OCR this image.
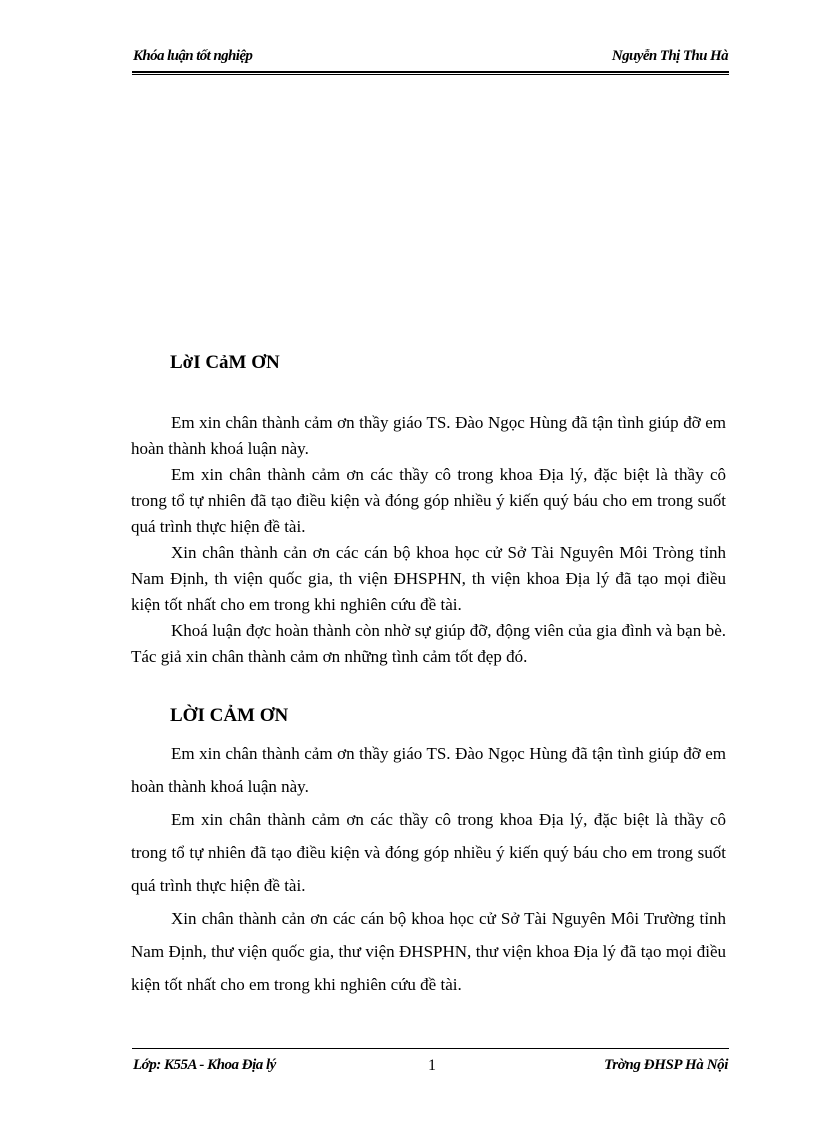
Khóa luận tốt nghiệp	Nguyễn Thị Thu Hà
LờI CảM ƠN

Em xin chân thành cảm ơn thầy giáo TS. Đào Ngọc Hùng đã tận tình giúp đỡ em hoàn thành khoá luận này.

Em xin chân thành cảm ơn các thầy cô trong khoa Địa lý, đặc biệt là thầy cô trong tổ tự nhiên đã tạo điều kiện và đóng góp nhiều ý kiến quý báu cho em trong suốt quá trình thực hiện đề tài.

Xin chân thành cản ơn các cán bộ khoa học cử Sở Tài Nguyên Môi Tròng tỉnh Nam Định, th viện quốc gia, th viện ĐHSPHN, th viện khoa Địa lý đã tạo mọi điều kiện tốt nhất cho em trong khi nghiên cứu đề tài.

Khoá luận đợc hoàn thành còn nhờ sự giúp đỡ, động viên của gia đình và bạn bè. Tác giả xin chân thành cảm ơn những tình cảm tốt đẹp đó.

LỜI CẢM ƠN

Em xin chân thành cảm ơn thầy giáo TS. Đào Ngọc Hùng đã tận tình giúp đỡ em hoàn thành khoá luận này.

Em xin chân thành cảm ơn các thầy cô trong khoa Địa lý, đặc biệt là thầy cô trong tổ tự nhiên đã tạo điều kiện và đóng góp nhiều ý kiến quý báu cho em trong suốt quá trình thực hiện đề tài.

Xin chân thành cản ơn các cán bộ khoa học cử Sở Tài Nguyên Môi Trường tỉnh Nam Định, thư viện quốc gia, thư viện ĐHSPHN, thư viện khoa Địa lý đã tạo mọi điều kiện tốt nhất cho em trong khi nghiên cứu đề tài.

Lớp: K55A - Khoa Địa lý	1	Trờng ĐHSP Hà Nội
